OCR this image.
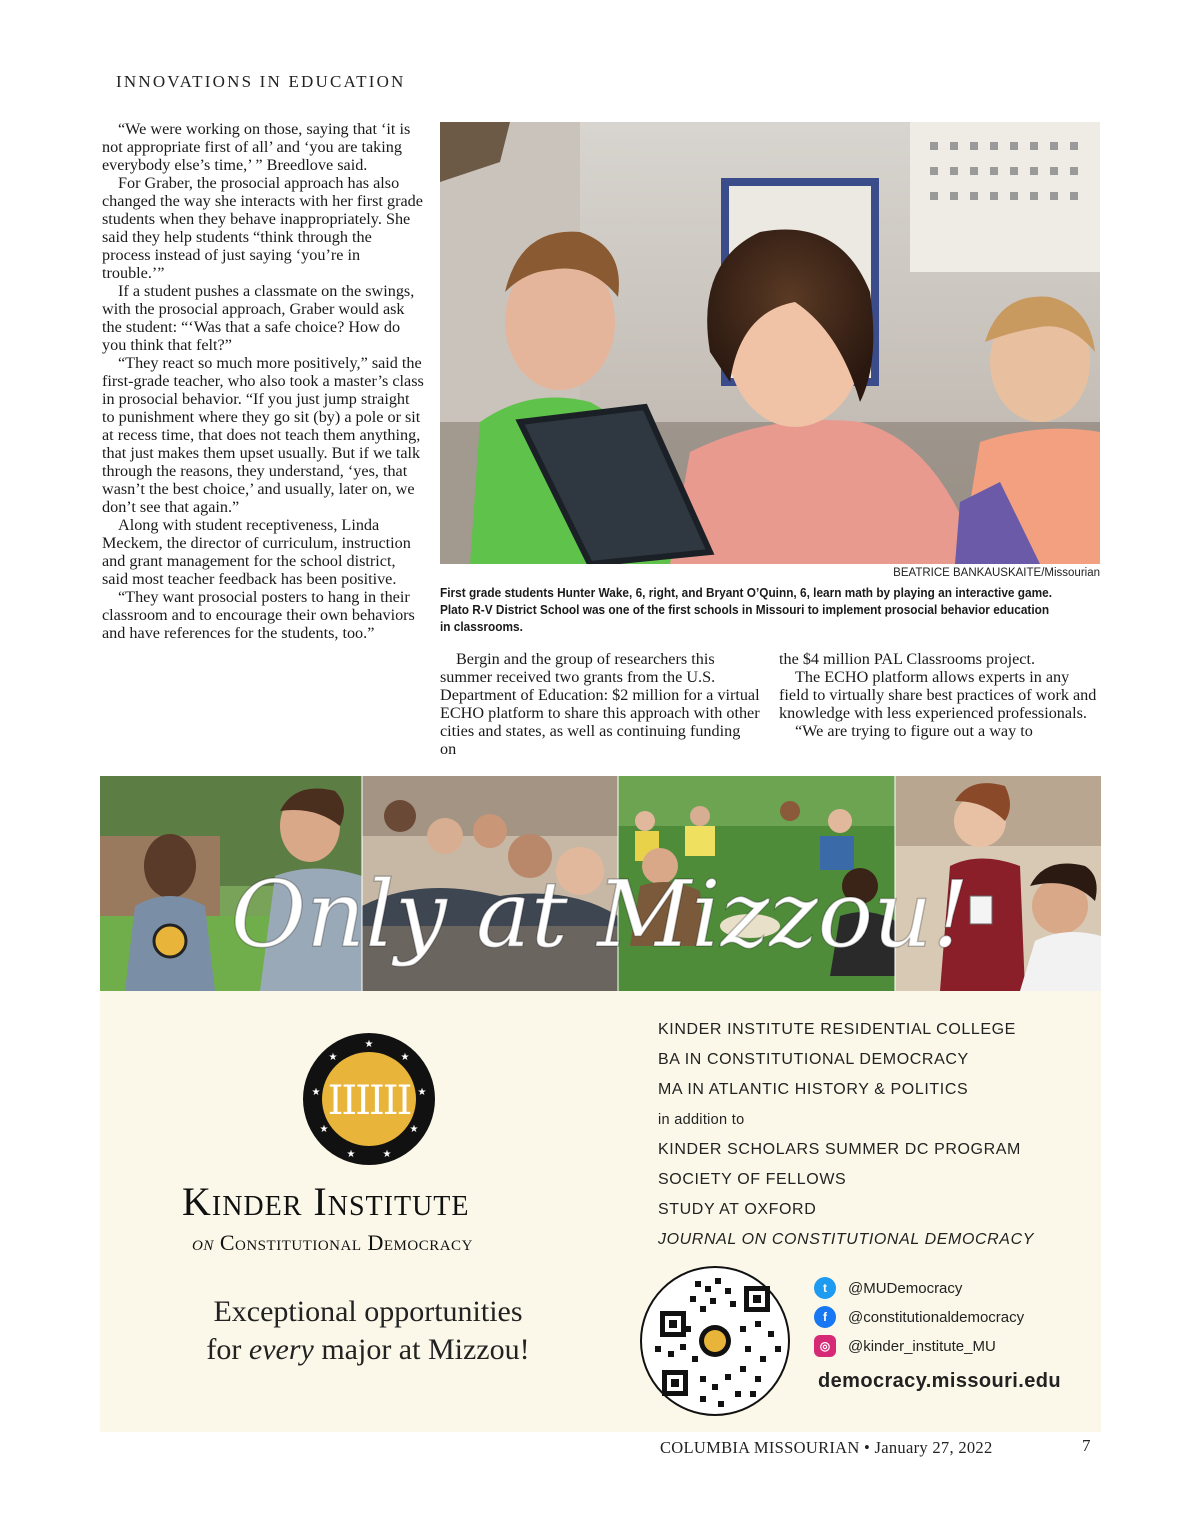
INNOVATIONS IN EDUCATION

“We were working on those, saying that ‘it is not appropriate first of all’ and ‘you are taking everybody else’s time,’ ” Breedlove said.

For Graber, the prosocial approach has also changed the way she interacts with her first grade students when they behave inappropriately. She said they help students “think through the process instead of just saying ‘you’re in trouble.’”

If a student pushes a classmate on the swings, with the prosocial approach, Graber would ask the student: “‘Was that a safe choice? How do you think that felt?”

“They react so much more positively,” said the first-grade teacher, who also took a master’s class in prosocial behavior. “If you just jump straight to punishment where they go sit (by) a pole or sit at recess time, that does not teach them anything, that just makes them upset usually. But if we talk through the reasons, they understand, ‘yes, that wasn’t the best choice,’ and usually, later on, we don’t see that again.”

Along with student receptiveness, Linda Meckem, the director of curriculum, instruction and grant management for the school district, said most teacher feedback has been positive.

“They want prosocial posters to hang in their classroom and to encourage their own behaviors and have references for the students, too.”

BEATRICE BANKAUSKAITE/Missourian
First grade students Hunter Wake, 6, right, and Bryant O’Quinn, 6, learn math by playing an interactive game. Plato R-V District School was one of the first schools in Missouri to implement prosocial behavior education in classrooms.

Bergin and the group of researchers this summer received two grants from the U.S. Department of Education: $2 million for a virtual ECHO platform to share this approach with other cities and states, as well as continuing funding on

the $4 million PAL Classrooms project.

The ECHO platform allows experts in any field to virtually share best practices of work and knowledge with less experienced professionals.

“We are trying to figure out a way to

Only at Mizzou!
★
★
★
★
★
★
★
★
★
IIIIII
Kinder Institute
on Constitutional Democracy
Exceptional opportunities
for every major at Mizzou!
KINDER INSTITUTE RESIDENTIAL COLLEGE
BA IN CONSTITUTIONAL DEMOCRACY
MA IN ATLANTIC HISTORY & POLITICS
in addition to
KINDER SCHOLARS SUMMER DC PROGRAM
SOCIETY OF FELLOWS
STUDY AT OXFORD
JOURNAL ON CONSTITUTIONAL DEMOCRACY
t	@MUDemocracy
f	@constitutionaldemocracy
◎	@kinder_institute_MU
democracy.missouri.edu
COLUMBIA MISSOURIAN • January 27, 2022	7
